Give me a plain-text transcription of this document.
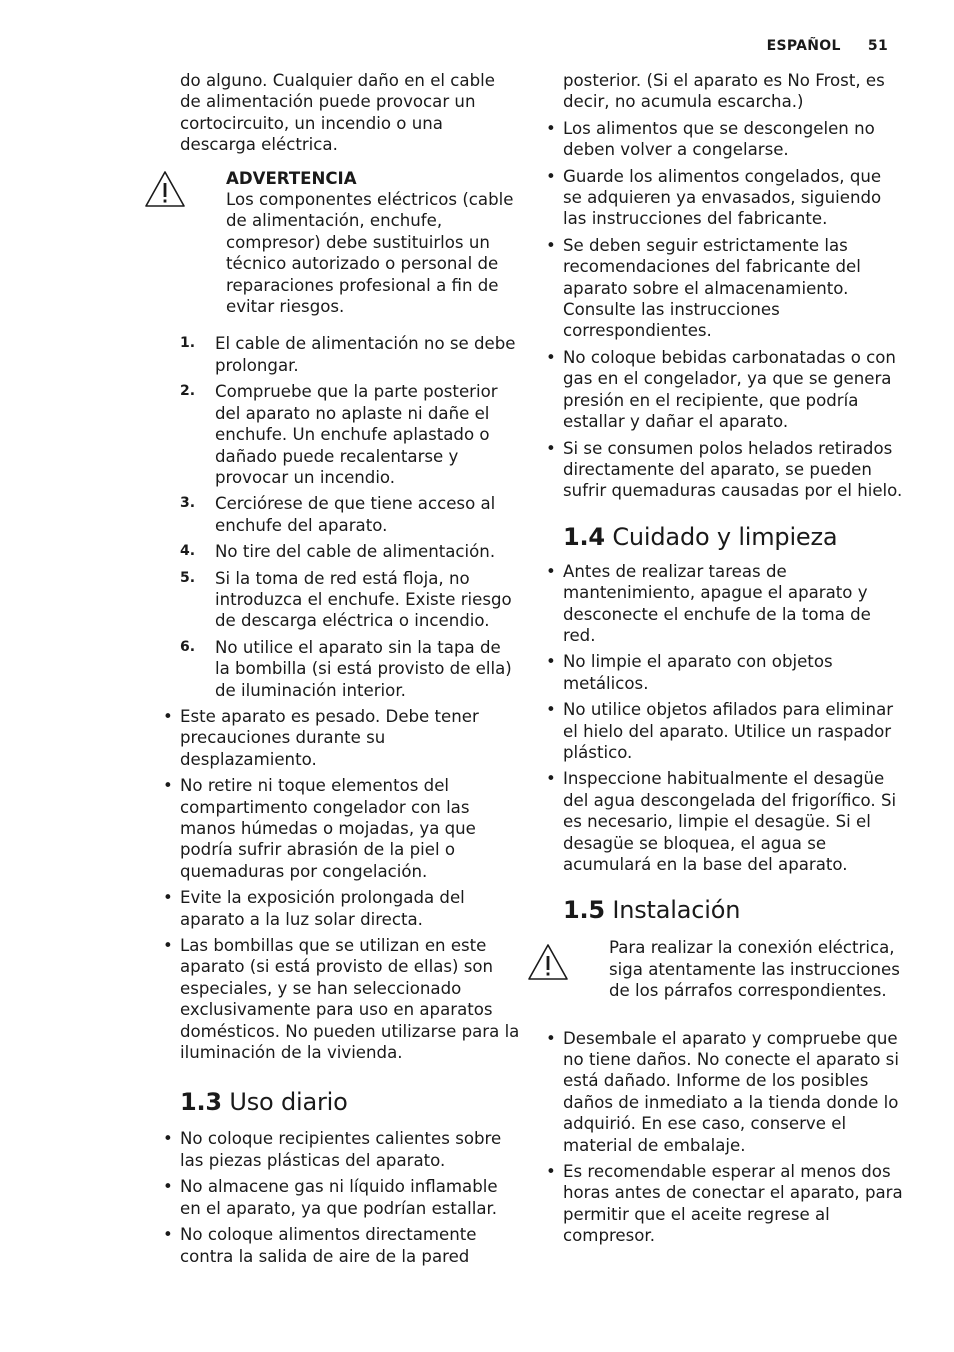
ESPAÑOL 51

do alguno. Cualquier daño en el cable de alimentación puede provocar un cortocircuito, un incendio o una descarga eléctrica.

ADVERTENCIA
Los componentes eléctricos (cable de alimentación, enchufe, compresor) debe sustituirlos un técnico autorizado o personal de reparaciones profesional a fin de evitar riesgos.
1. El cable de alimentación no se debe prolongar.
2. Compruebe que la parte posterior del aparato no aplaste ni dañe el enchufe. Un enchufe aplastado o dañado puede recalentarse y provocar un incendio.
3. Cerciórese de que tiene acceso al enchufe del aparato.
4. No tire del cable de alimentación.
5. Si la toma de red está floja, no introduzca el enchufe. Existe riesgo de descarga eléctrica o incendio.
6. No utilice el aparato sin la tapa de la bombilla (si está provisto de ella) de iluminación interior.
• Este aparato es pesado. Debe tener precauciones durante su desplazamiento.
• No retire ni toque elementos del compartimento congelador con las manos húmedas o mojadas, ya que podría sufrir abrasión de la piel o quemaduras por congelación.
• Evite la exposición prolongada del aparato a la luz solar directa.
• Las bombillas que se utilizan en este aparato (si está provisto de ellas) son especiales, y se han seleccionado exclusivamente para uso en aparatos domésticos. No pueden utilizarse para la iluminación de la vivienda.
1.3 Uso diario
• No coloque recipientes calientes sobre las piezas plásticas del aparato.
• No almacene gas ni líquido inflamable en el aparato, ya que podrían estallar.
• No coloque alimentos directamente contra la salida de aire de la pared

posterior. (Si el aparato es No Frost, es decir, no acumula escarcha.)

• Los alimentos que se descongelen no deben volver a congelarse.
• Guarde los alimentos congelados, que se adquieren ya envasados, siguiendo las instrucciones del fabricante.
• Se deben seguir estrictamente las recomendaciones del fabricante del aparato sobre el almacenamiento. Consulte las instrucciones correspondientes.
• No coloque bebidas carbonatadas o con gas en el congelador, ya que se genera presión en el recipiente, que podría estallar y dañar el aparato.
• Si se consumen polos helados retirados directamente del aparato, se pueden sufrir quemaduras causadas por el hielo.
1.4 Cuidado y limpieza
• Antes de realizar tareas de mantenimiento, apague el aparato y desconecte el enchufe de la toma de red.
• No limpie el aparato con objetos metálicos.
• No utilice objetos afilados para eliminar el hielo del aparato. Utilice un raspador plástico.
• Inspeccione habitualmente el desagüe del agua descongelada del frigorífico. Si es necesario, limpie el desagüe. Si el desagüe se bloquea, el agua se acumulará en la base del aparato.
1.5 Instalación
Para realizar la conexión eléctrica, siga atentamente las instrucciones de los párrafos correspondientes.
• Desembale el aparato y compruebe que no tiene daños. No conecte el aparato si está dañado. Informe de los posibles daños de inmediato a la tienda donde lo adquirió. En ese caso, conserve el material de embalaje.
• Es recomendable esperar al menos dos horas antes de conectar el aparato, para permitir que el aceite regrese al compresor.
